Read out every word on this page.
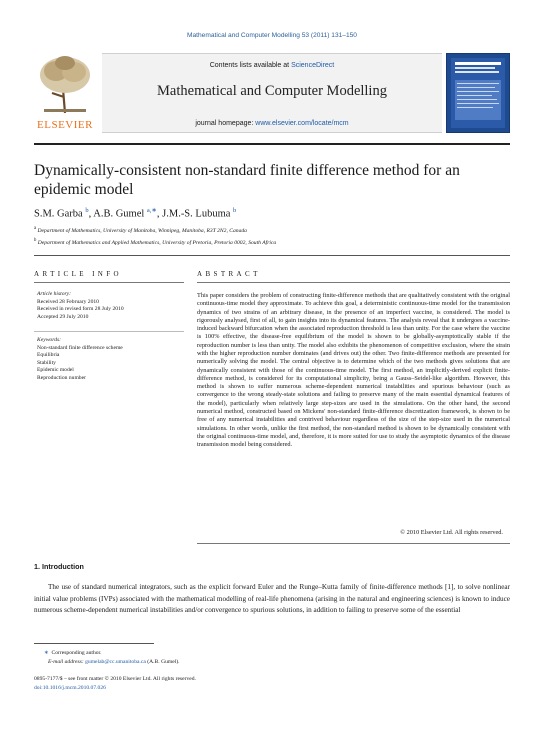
Mathematical and Computer Modelling 53 (2011) 131–150
ELSEVIER
Contents lists available at ScienceDirect
Mathematical and Computer Modelling
journal homepage: www.elsevier.com/locate/mcm
Dynamically-consistent non-standard finite difference method for an epidemic model
S.M. Garba $^b$, A.B. Gumel $^{a,∗}$, J.M.-S. Lubuma $^b$
$^a$ Department of Mathematics, University of Manitoba, Winnipeg, Manitoba, R3T 2N2, Canada
$^b$ Department of Mathematics and Applied Mathematics, University of Pretoria, Pretoria 0002, South Africa
ARTICLE INFO	ABSTRACT
Article history:
Received 28 February 2010
Received in revised form 28 July 2010
Accepted 29 July 2010
Keywords:
Non-standard finite difference scheme
Equilibria
Stability
Epidemic model
Reproduction number
This paper considers the problem of constructing finite-difference methods that are qualitatively consistent with the original continuous-time model they approximate. To achieve this goal, a deterministic continuous-time model for the transmission dynamics of two strains of an arbitrary disease, in the presence of an imperfect vaccine, is considered. The model is rigorously analysed, first of all, to gain insights into its dynamical features. The analysis reveal that it undergoes a vaccine-induced backward bifurcation when the associated reproduction threshold is less than unity. For the case where the vaccine is 100% effective, the disease-free equilibrium of the model is shown to be globally-asymptotically stable if the reproduction number is less than unity. The model also exhibits the phenomenon of competitive exclusion, where the strain with the higher reproduction number dominates (and drives out) the other. Two finite-difference methods are presented for numerically solving the model. The central objective is to determine which of the two methods gives solutions that are dynamically consistent with those of the continuous-time model. The first method, an implicitly-derived explicit finite-difference method, is considered for its computational simplicity, being a Gauss–Seidel-like algorithm. However, this method is shown to suffer numerous scheme-dependent numerical instabilities and spurious behaviour (such as convergence to the wrong steady-state solutions and failing to preserve many of the main essential dynamical features of the model), particularly when relatively large step-sizes are used in the simulations. On the other hand, the second numerical method, constructed based on Mickens' non-standard finite-difference discretization framework, is shown to be free of any numerical instabilities and contrived behaviour regardless of the size of the step-size used in the numerical simulations. In other words, unlike the first method, the non-standard method is shown to be dynamically consistent with the original continuous-time model, and, therefore, it is more suited for use to study the asymptotic dynamics of the disease transmission model being considered.
© 2010 Elsevier Ltd. All rights reserved.
1. Introduction
The use of standard numerical integrators, such as the explicit forward Euler and the Runge–Kutta family of finite-difference methods [1], to solve nonlinear initial value problems (IVPs) associated with the mathematical modelling of real-life phenomena (arising in the natural and engineering sciences) is known to induce numerous scheme-dependent numerical instabilities and/or convergence to spurious solutions, in addition to failing to preserve some of the essential
∗ Corresponding author.
E-mail address: gumelab@cc.umanitoba.ca (A.B. Gumel).
0895-7177/$ – see front matter © 2010 Elsevier Ltd. All rights reserved.
doi:10.1016/j.mcm.2010.07.026
